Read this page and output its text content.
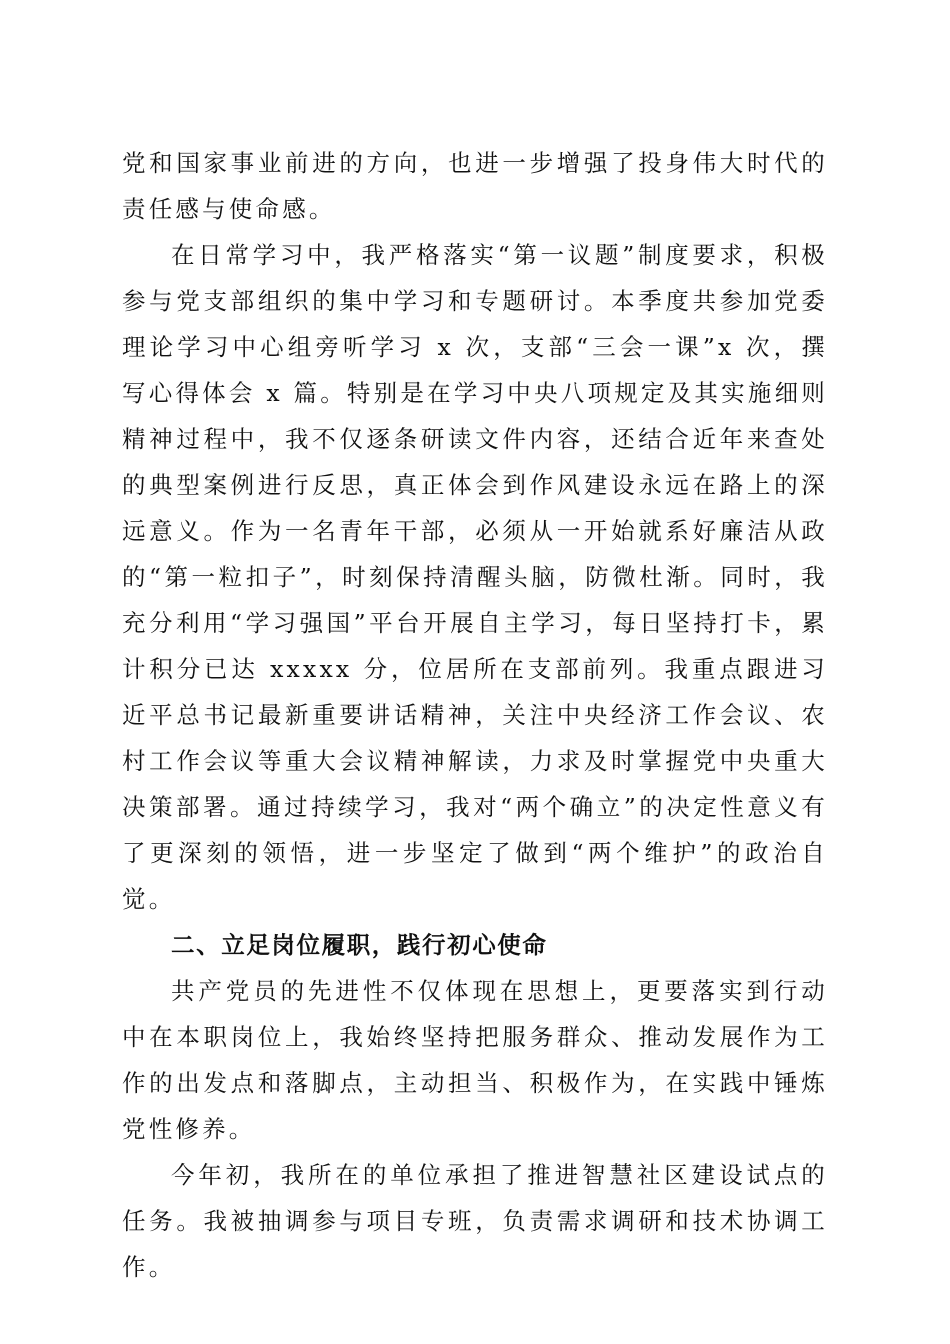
党和国家事业前进的方向，也进一步增强了投身伟大时代的责任感与使命感。

在日常学习中，我严格落实“第一议题”制度要求，积极参与党支部组织的集中学习和专题研讨。本季度共参加党委理论学习中心组旁听学习 x 次，支部“三会一课”x 次，撰写心得体会 x 篇。特别是在学习中央八项规定及其实施细则精神过程中，我不仅逐条研读文件内容，还结合近年来查处的典型案例进行反思，真正体会到作风建设永远在路上的深远意义。作为一名青年干部，必须从一开始就系好廉洁从政的“第一粒扣子”，时刻保持清醒头脑，防微杜渐。同时，我充分利用“学习强国”平台开展自主学习，每日坚持打卡，累计积分已达 xxxxx 分，位居所在支部前列。我重点跟进习近平总书记最新重要讲话精神，关注中央经济工作会议、农村工作会议等重大会议精神解读，力求及时掌握党中央重大决策部署。通过持续学习，我对“两个确立”的决定性意义有了更深刻的领悟，进一步坚定了做到“两个维护”的政治自觉。

二、立足岗位履职，践行初心使命

共产党员的先进性不仅体现在思想上，更要落实到行动中在本职岗位上，我始终坚持把服务群众、推动发展作为工作的出发点和落脚点，主动担当、积极作为，在实践中锤炼党性修养。

今年初，我所在的单位承担了推进智慧社区建设试点的任务。我被抽调参与项目专班，负责需求调研和技术协调工作。
